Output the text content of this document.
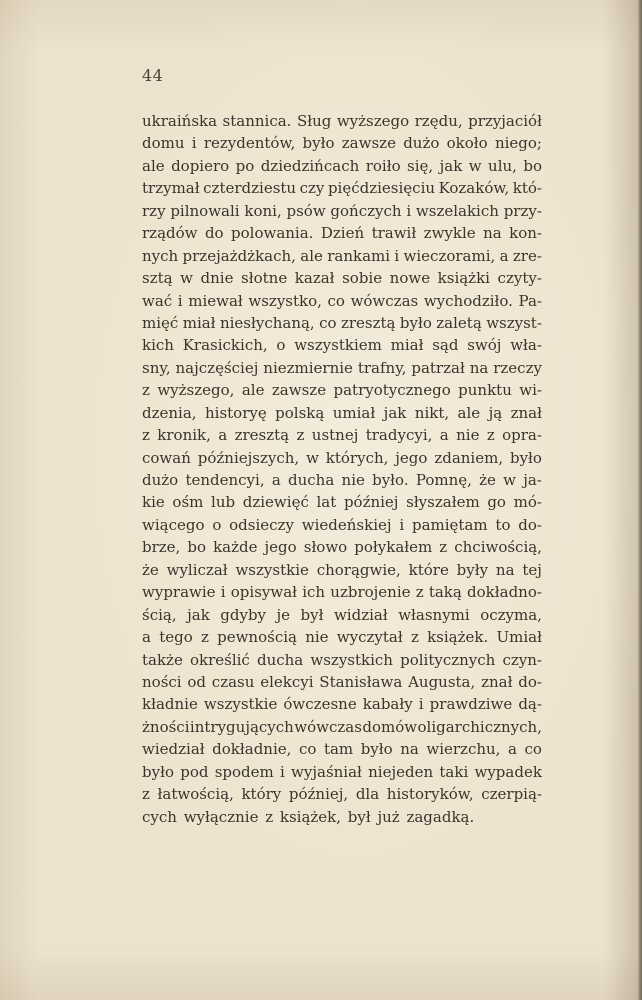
44
ukraińska stannica. Sług wyższego rzędu, przyjaciół
domu i rezydentów, było zawsze dużo około niego;
ale dopiero po dziedzińcach roiło się, jak w ulu, bo
trzymał czterdziestu czy pięćdziesięciu Kozaków, któ-
rzy pilnowali koni, psów gończych i wszelakich przy-
rządów do polowania. Dzień trawił zwykle na kon-
nych przejażdżkach, ale rankami i wieczorami, a zre-
sztą w dnie słotne kazał sobie nowe książki czyty-
wać i miewał wszystko, co wówczas wychodziło. Pa-
mięć miał niesłychaną, co zresztą było zaletą wszyst-
kich Krasickich, o wszystkiem miał sąd swój wła-
sny, najczęściej niezmiernie trafny, patrzał na rzeczy
z wyższego, ale zawsze patryotycznego punktu wi-
dzenia, historyę polską umiał jak nikt, ale ją znał
z kronik, a zresztą z ustnej tradycyi, a nie z opra-
cowań późniejszych, w których, jego zdaniem, było
dużo tendencyi, a ducha nie było. Pomnę, że w ja-
kie ośm lub dziewięć lat później słyszałem go mó-
wiącego o odsieczy wiedeńskiej i pamiętam to do-
brze, bo każde jego słowo połykałem z chciwością,
że wyliczał wszystkie chorągwie, które były na tej
wyprawie i opisywał ich uzbrojenie z taką dokładno-
ścią, jak gdyby je był widział własnymi oczyma,
a tego z pewnością nie wyczytał z książek. Umiał
także określić ducha wszystkich politycznych czyn-
ności od czasu elekcyi Stanisława Augusta, znał do-
kładnie wszystkie ówczesne kabały i prawdziwe dą-
żności intrygujących wówczas domów oligarchicznych,
wiedział dokładnie, co tam było na wierzchu, a co
było pod spodem i wyjaśniał niejeden taki wypadek
z łatwością, który później, dla historyków, czerpią-
cych wyłącznie z książek, był już zagadką.
